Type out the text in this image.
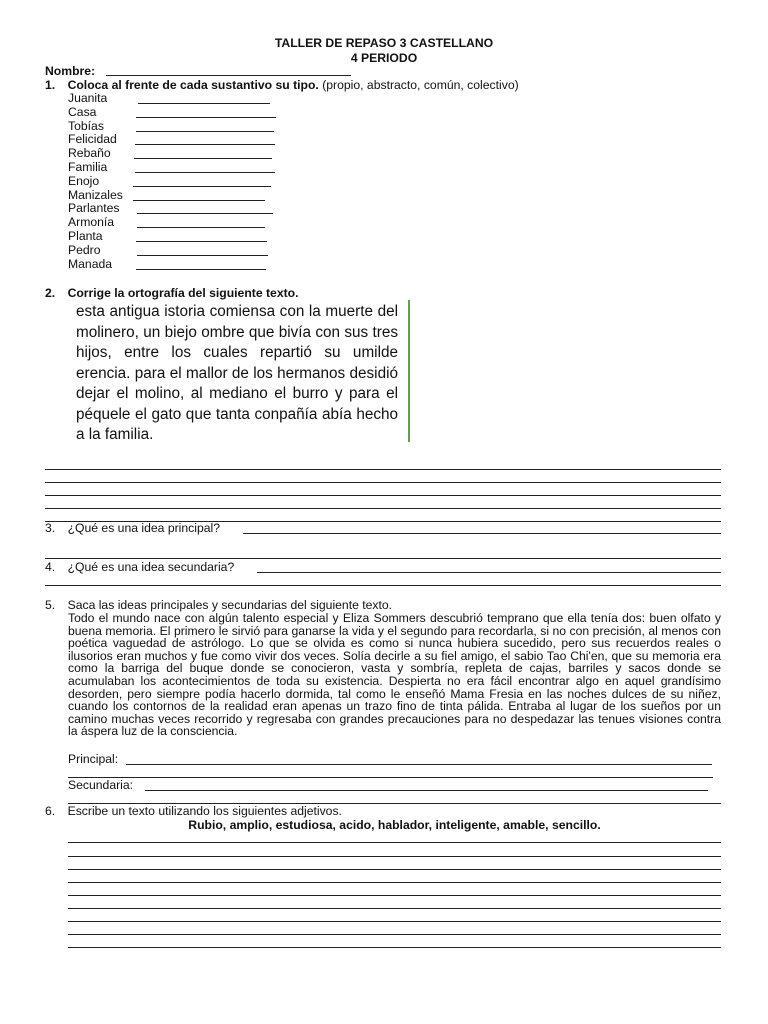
TALLER DE REPASO 3 CASTELLANO
4 PERIODO
Nombre:
1. Coloca al frente de cada sustantivo su tipo. (propio, abstracto, común, colectivo)
Juanita
Casa
Tobías
Felicidad
Rebaño
Familia
Enojo
Manizales
Parlantes
Armonía
Planta
Pedro
Manada
2. Corrige la ortografía del siguiente texto.
esta antigua istoria comiensa con la muerte del molinero, un biejo ombre que bivía con sus tres hijos, entre los cuales repartió su umilde erencia. para el mallor de los hermanos desidió dejar el molino, al mediano el burro y para el péquele el gato que tanta conpañía abía hecho a la familia.
3. ¿Qué es una idea principal?
4. ¿Qué es una idea secundaria?
5. Saca las ideas principales y secundarias del siguiente texto.
Todo el mundo nace con algún talento especial y Eliza Sommers descubrió temprano que ella tenía dos: buen olfato y buena memoria. El primero le sirvió para ganarse la vida y el segundo para recordarla, si no con precisión, al menos con poética vaguedad de astrólogo. Lo que se olvida es como si nunca hubiera sucedido, pero sus recuerdos reales o ilusorios eran muchos y fue como vivir dos veces. Solía decirle a su fiel amigo, el sabio Tao Chi'en, que su memoria era como la barriga del buque donde se conocieron, vasta y sombría, repleta de cajas, barriles y sacos donde se acumulaban los acontecimientos de toda su existencia. Despierta no era fácil encontrar algo en aquel grandísimo desorden, pero siempre podía hacerlo dormida, tal como le enseñó Mama Fresia en las noches dulces de su niñez, cuando los contornos de la realidad eran apenas un trazo fino de tinta pálida. Entraba al lugar de los sueños por un camino muchas veces recorrido y regresaba con grandes precauciones para no despedazar las tenues visiones contra la áspera luz de la consciencia.
Principal:
Secundaria:
6. Escribe un texto utilizando los siguientes adjetivos.
Rubio, amplio, estudiosa, acido, hablador, inteligente, amable, sencillo.
